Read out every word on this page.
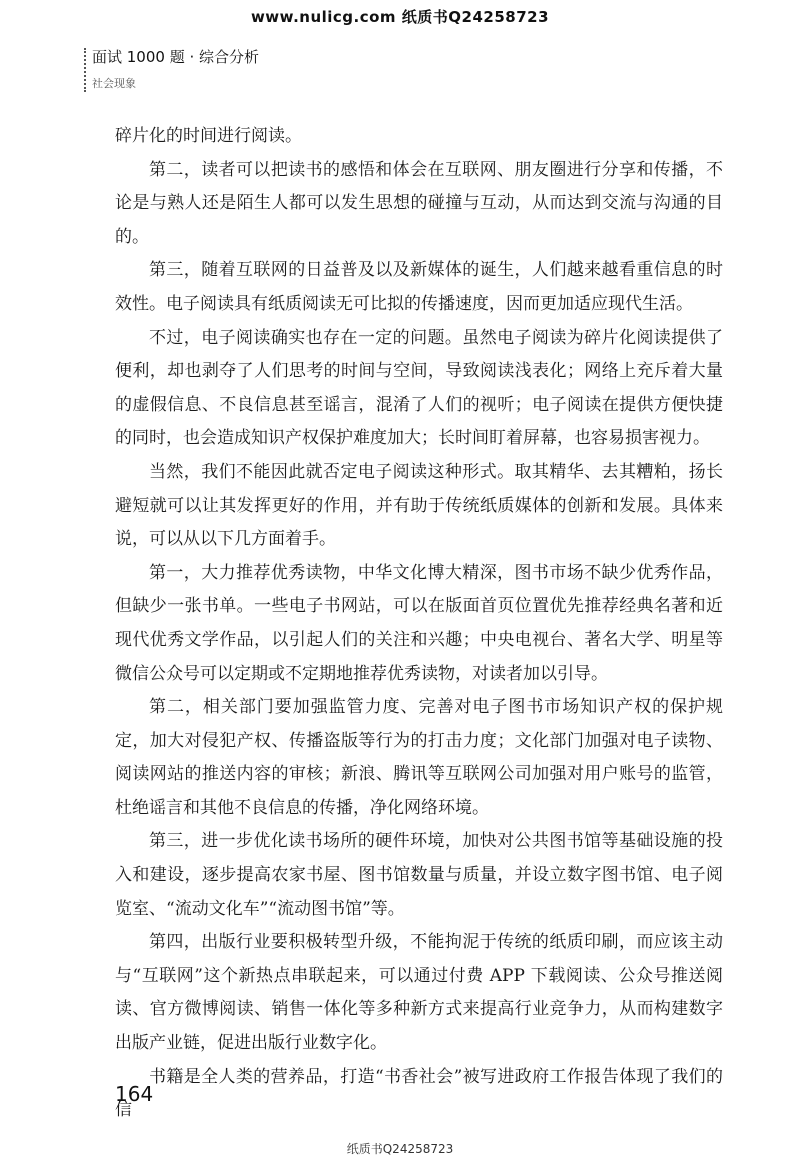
www.nulicg.com 纸质书Q24258723
面试 1000 题 · 综合分析
社会现象

碎片化的时间进行阅读。

第二，读者可以把读书的感悟和体会在互联网、朋友圈进行分享和传播，不论是与熟人还是陌生人都可以发生思想的碰撞与互动，从而达到交流与沟通的目的。

第三，随着互联网的日益普及以及新媒体的诞生，人们越来越看重信息的时效性。电子阅读具有纸质阅读无可比拟的传播速度，因而更加适应现代生活。

不过，电子阅读确实也存在一定的问题。虽然电子阅读为碎片化阅读提供了便利，却也剥夺了人们思考的时间与空间，导致阅读浅表化；网络上充斥着大量的虚假信息、不良信息甚至谣言，混淆了人们的视听；电子阅读在提供方便快捷的同时，也会造成知识产权保护难度加大；长时间盯着屏幕，也容易损害视力。

当然，我们不能因此就否定电子阅读这种形式。取其精华、去其糟粕，扬长避短就可以让其发挥更好的作用，并有助于传统纸质媒体的创新和发展。具体来说，可以从以下几方面着手。

第一，大力推荐优秀读物，中华文化博大精深，图书市场不缺少优秀作品，但缺少一张书单。一些电子书网站，可以在版面首页位置优先推荐经典名著和近现代优秀文学作品，以引起人们的关注和兴趣；中央电视台、著名大学、明星等微信公众号可以定期或不定期地推荐优秀读物，对读者加以引导。

第二，相关部门要加强监管力度、完善对电子图书市场知识产权的保护规定，加大对侵犯产权、传播盗版等行为的打击力度；文化部门加强对电子读物、阅读网站的推送内容的审核；新浪、腾讯等互联网公司加强对用户账号的监管，杜绝谣言和其他不良信息的传播，净化网络环境。

第三，进一步优化读书场所的硬件环境，加快对公共图书馆等基础设施的投入和建设，逐步提高农家书屋、图书馆数量与质量，并设立数字图书馆、电子阅览室、“流动文化车”“流动图书馆”等。

第四，出版行业要积极转型升级，不能拘泥于传统的纸质印刷，而应该主动与“互联网”这个新热点串联起来，可以通过付费 APP 下载阅读、公众号推送阅读、官方微博阅读、销售一体化等多种新方式来提高行业竞争力，从而构建数字出版产业链，促进出版行业数字化。

书籍是全人类的营养品，打造“书香社会”被写进政府工作报告体现了我们的信

164
纸质书Q24258723
